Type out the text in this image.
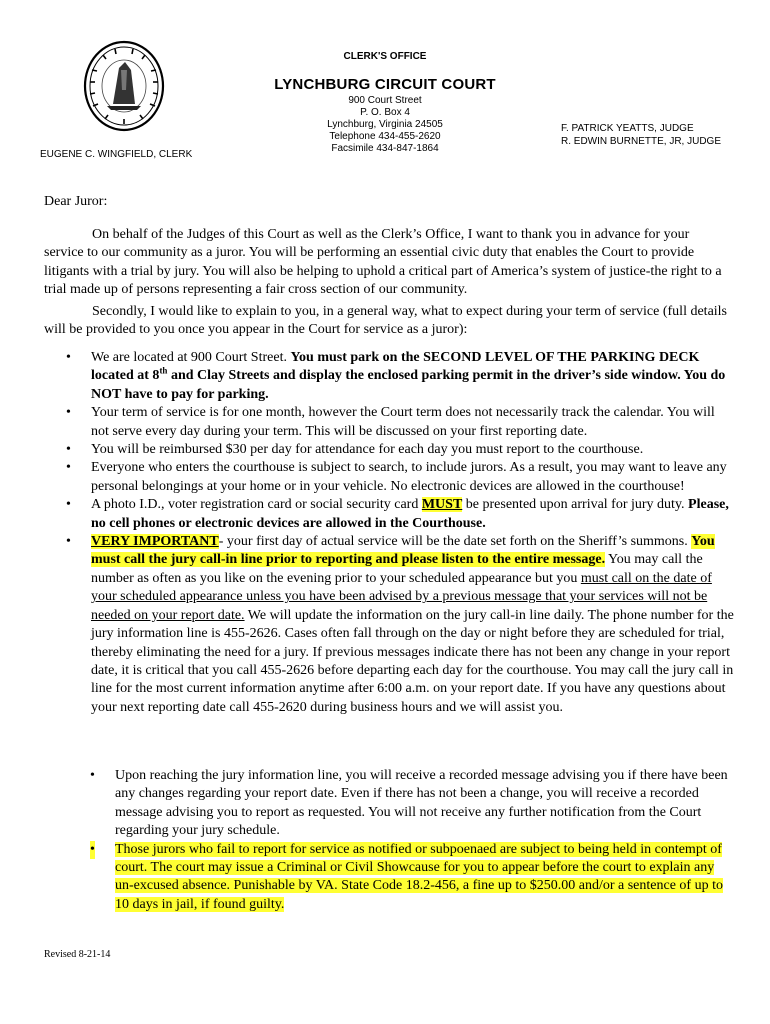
CLERK'S OFFICE
LYNCHBURG CIRCUIT COURT
900 Court Street
P. O. Box 4
Lynchburg, Virginia 24505
Telephone 434-455-2620
Facsimile 434-847-1864
F. PATRICK YEATTS, JUDGE
R. EDWIN BURNETTE, JR, JUDGE
EUGENE C. WINGFIELD, CLERK
Dear Juror:

On behalf of the Judges of this Court as well as the Clerk’s Office, I want to thank you in advance for your service to our community as a juror. You will be performing an essential civic duty that enables the Court to provide litigants with a trial by jury. You will also be helping to uphold a critical part of America’s system of justice-the right to a trial made up of persons representing a fair cross section of our community.

Secondly, I would like to explain to you, in a general way, what to expect during your term of service (full details will be provided to you once you appear in the Court for service as a juror):

• We are located at 900 Court Street. You must park on the SECOND LEVEL OF THE PARKING DECK located at 8th and Clay Streets and display the enclosed parking permit in the driver’s side window. You do NOT have to pay for parking.
• Your term of service is for one month, however the Court term does not necessarily track the calendar. You will not serve every day during your term. This will be discussed on your first reporting date.
• You will be reimbursed $30 per day for attendance for each day you must report to the courthouse.
• Everyone who enters the courthouse is subject to search, to include jurors. As a result, you may want to leave any personal belongings at your home or in your vehicle. No electronic devices are allowed in the courthouse!
• A photo I.D., voter registration card or social security card MUST be presented upon arrival for jury duty. Please, no cell phones or electronic devices are allowed in the Courthouse.
• VERY IMPORTANT- your first day of actual service will be the date set forth on the Sheriff’s summons. You must call the jury call-in line prior to reporting and please listen to the entire message. You may call the number as often as you like on the evening prior to your scheduled appearance but you must call on the date of your scheduled appearance unless you have been advised by a previous message that your services will not be needed on your report date. We will update the information on the jury call-in line daily. The phone number for the jury information line is 455-2626. Cases often fall through on the day or night before they are scheduled for trial, thereby eliminating the need for a jury. If previous messages indicate there has not been any change in your report date, it is critical that you call 455-2626 before departing each day for the courthouse. You may call the jury call in line for the most current information anytime after 6:00 a.m. on your report date. If you have any questions about your next reporting date call 455-2620 during business hours and we will assist you.
• Upon reaching the jury information line, you will receive a recorded message advising you if there have been any changes regarding your report date. Even if there has not been a change, you will receive a recorded message advising you to report as requested. You will not receive any further notification from the Court regarding your jury schedule.
• Those jurors who fail to report for service as notified or subpoenaed are subject to being held in contempt of court. The court may issue a Criminal or Civil Showcause for you to appear before the court to explain any un-excused absence. Punishable by VA. State Code 18.2-456, a fine up to $250.00 and/or a sentence of up to 10 days in jail, if found guilty.
Revised 8-21-14
